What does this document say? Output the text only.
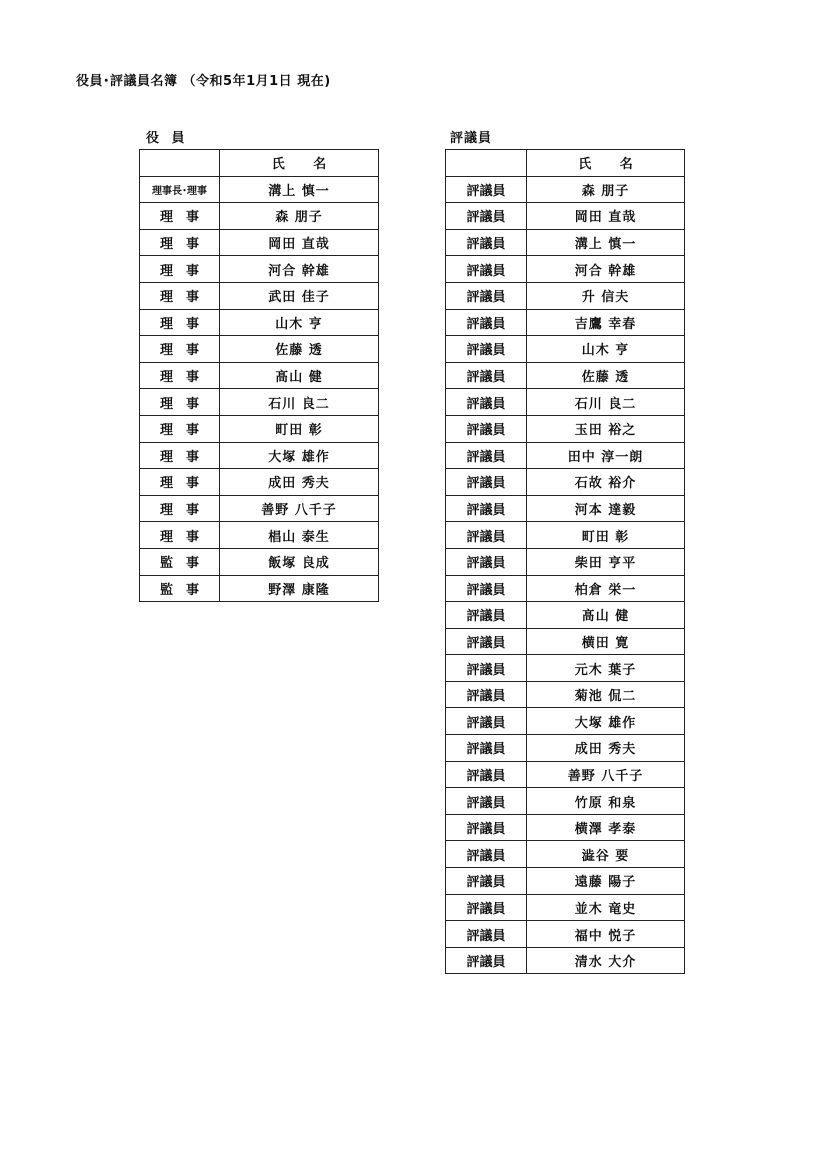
役員･評議員名簿 （令和5年1月1日 現在)
役 員	評議員
	氏 名
理事長･理事	溝上 慎一
理　事	森 朋子
理　事	岡田 直哉
理　事	河合 幹雄
理　事	武田 佳子
理　事	山木 亨
理　事	佐藤 透
理　事	髙山 健
理　事	石川 良二
理　事	町田 彰
理　事	大塚 雄作
理　事	成田 秀夫
理　事	善野 八千子
理　事	椙山 泰生
監　事	飯塚 良成
監　事	野澤 康隆
	氏 名
評議員	森 朋子
評議員	岡田 直哉
評議員	溝上 慎一
評議員	河合 幹雄
評議員	升 信夫
評議員	吉鷹 幸春
評議員	山木 亨
評議員	佐藤 透
評議員	石川 良二
評議員	玉田 裕之
評議員	田中 淳一朗
評議員	石故 裕介
評議員	河本 達毅
評議員	町田 彰
評議員	柴田 亨平
評議員	柏倉 栄一
評議員	髙山 健
評議員	横田 寛
評議員	元木 葉子
評議員	菊池 侃二
評議員	大塚 雄作
評議員	成田 秀夫
評議員	善野 八千子
評議員	竹原 和泉
評議員	横澤 孝泰
評議員	澁谷 要
評議員	遠藤 陽子
評議員	並木 竜史
評議員	福中 悦子
評議員	清水 大介
